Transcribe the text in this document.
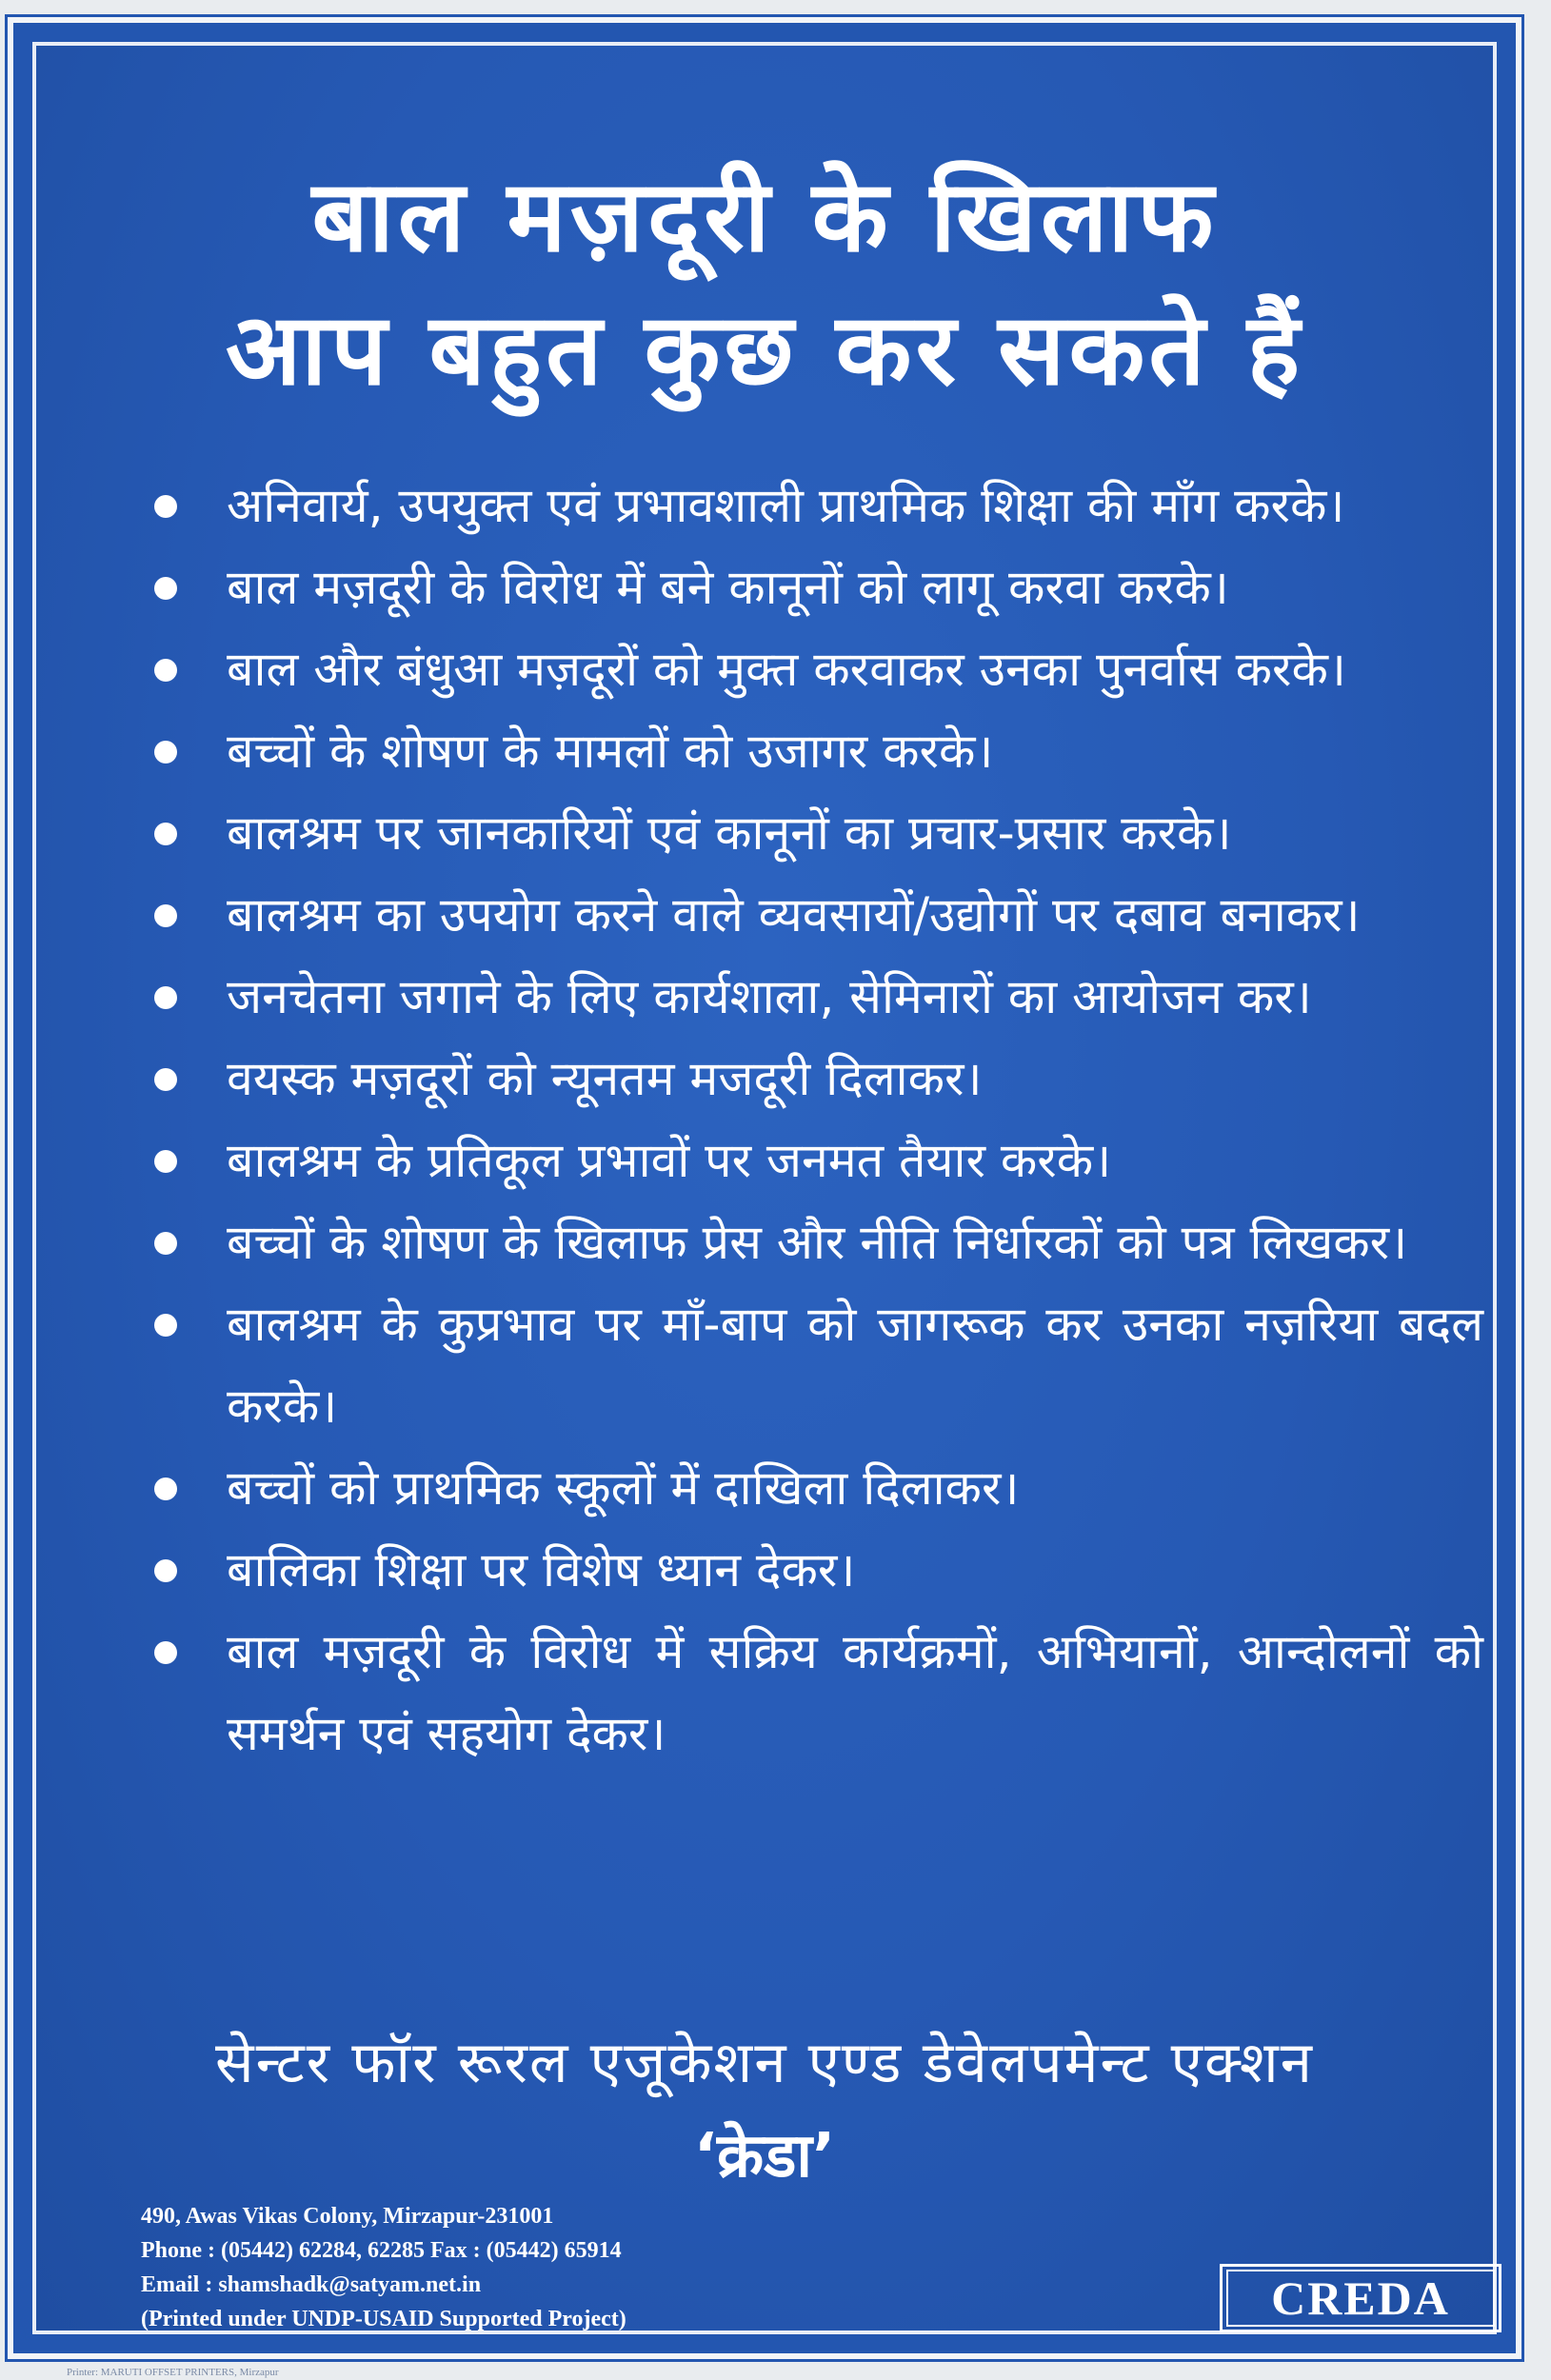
बाल मज़दूरी के खिलाफ
आप बहुत कुछ कर सकते हैं
अनिवार्य, उपयुक्त एवं प्रभावशाली प्राथमिक शिक्षा की माँग करके।
बाल मज़दूरी के विरोध में बने कानूनों को लागू करवा करके।
बाल और बंधुआ मज़दूरों को मुक्त करवाकर उनका पुनर्वास करके।
बच्चों के शोषण के मामलों को उजागर करके।
बालश्रम पर जानकारियों एवं कानूनों का प्रचार-प्रसार करके।
बालश्रम का उपयोग करने वाले व्यवसायों/उद्योगों पर दबाव बनाकर।
जनचेतना जगाने के लिए कार्यशाला, सेमिनारों का आयोजन कर।
वयस्क मज़दूरों को न्यूनतम मजदूरी दिलाकर।
बालश्रम के प्रतिकूल प्रभावों पर जनमत तैयार करके।
बच्चों के शोषण के खिलाफ प्रेस और नीति निर्धारकों को पत्र लिखकर।
बालश्रम के कुप्रभाव पर माँ-बाप को जागरूक कर उनका नज़रिया बदल करके।
बच्चों को प्राथमिक स्कूलों में दाखिला दिलाकर।
बालिका शिक्षा पर विशेष ध्यान देकर।
बाल मज़दूरी के विरोध में सक्रिय कार्यक्रमों, अभियानों, आन्दोलनों को समर्थन एवं सहयोग देकर।
सेन्टर फॉर रूरल एजूकेशन एण्ड डेवेलपमेन्ट एक्शन
‘क्रेडा’
490, Awas Vikas Colony, Mirzapur-231001
Phone : (05442) 62284, 62285 Fax : (05442) 65914
Email : shamshadk@satyam.net.in
(Printed under UNDP-USAID Supported Project)	CREDA
Printer: MARUTI OFFSET PRINTERS, Mirzapur
